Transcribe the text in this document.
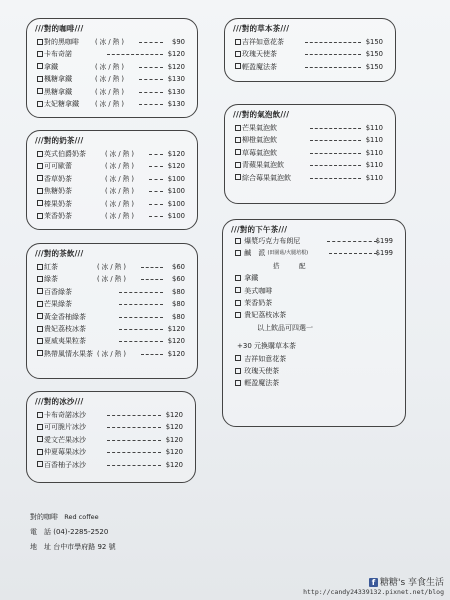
///對的咖啡///
對的黑咖啡 ( 冰 / 熱 )	$90
卡布奇諾	$120
拿鐵	( 冰 / 熱 )	$120
楓糖拿鐵	( 冰 / 熱 )	$130
黑糖拿鐵	( 冰 / 熱 )	$130
太妃糖拿鐵 ( 冰 / 熱 )	$130
///對的奶茶///
英式伯爵奶茶	( 冰 / 熱 )	$120
可可歐蕾	( 冰 / 熱 )	$120
香草奶茶	( 冰 / 熱 )	$100
焦糖奶茶	( 冰 / 熱 )	$100
榛果奶茶	( 冰 / 熱 )	$100
茉香奶茶	( 冰 / 熱 )	$100
///對的茶飲///
紅茶	( 冰 / 熱 )	$60
綠茶	( 冰 / 熱 )	$60
百香綠茶	$80
芒果綠茶	$80
黃金香柚綠茶	$80
貴妃荔枝冰茶	$120
夏威夷果粒茶	$120
熱帶風情水果茶 ( 冰 / 熱 )	$120
///對的冰沙///
卡布奇諾冰沙	$120
可可脆片冰沙	$120
愛文芒果冰沙	$120
仲夏莓果冰沙	$120
百香柚子冰沙	$120
///對的草本茶///
吉祥如意花茶	$150
玫瑰天使茶	$150
輕盈魔法茶	$150
///對的氣泡飲///
芒果氣泡飲	$110
柳橙氣泡飲	$110
草莓氣泡飲	$110
青蘋果氣泡飲	$110
綜合莓果氣泡飲	$110
///對的下午茶///
爆漿巧克力布朗尼	$199
鹹　派 (田園菇/火腿培根)	$199
搭　　　配
拿鐵
美式咖啡
茉香奶茶
貴妃荔枝冰茶
以上飲品可四選一
+30 元換購草本茶
吉祥如意花茶
玫瑰天使茶
輕盈魔法茶
對的咖啡 Red coffee
電　話 (04)-2285-2520
地　址 台中市學府路 92 號
f 糖糖's 享食生活
http://candy24339132.pixnet.net/blog
